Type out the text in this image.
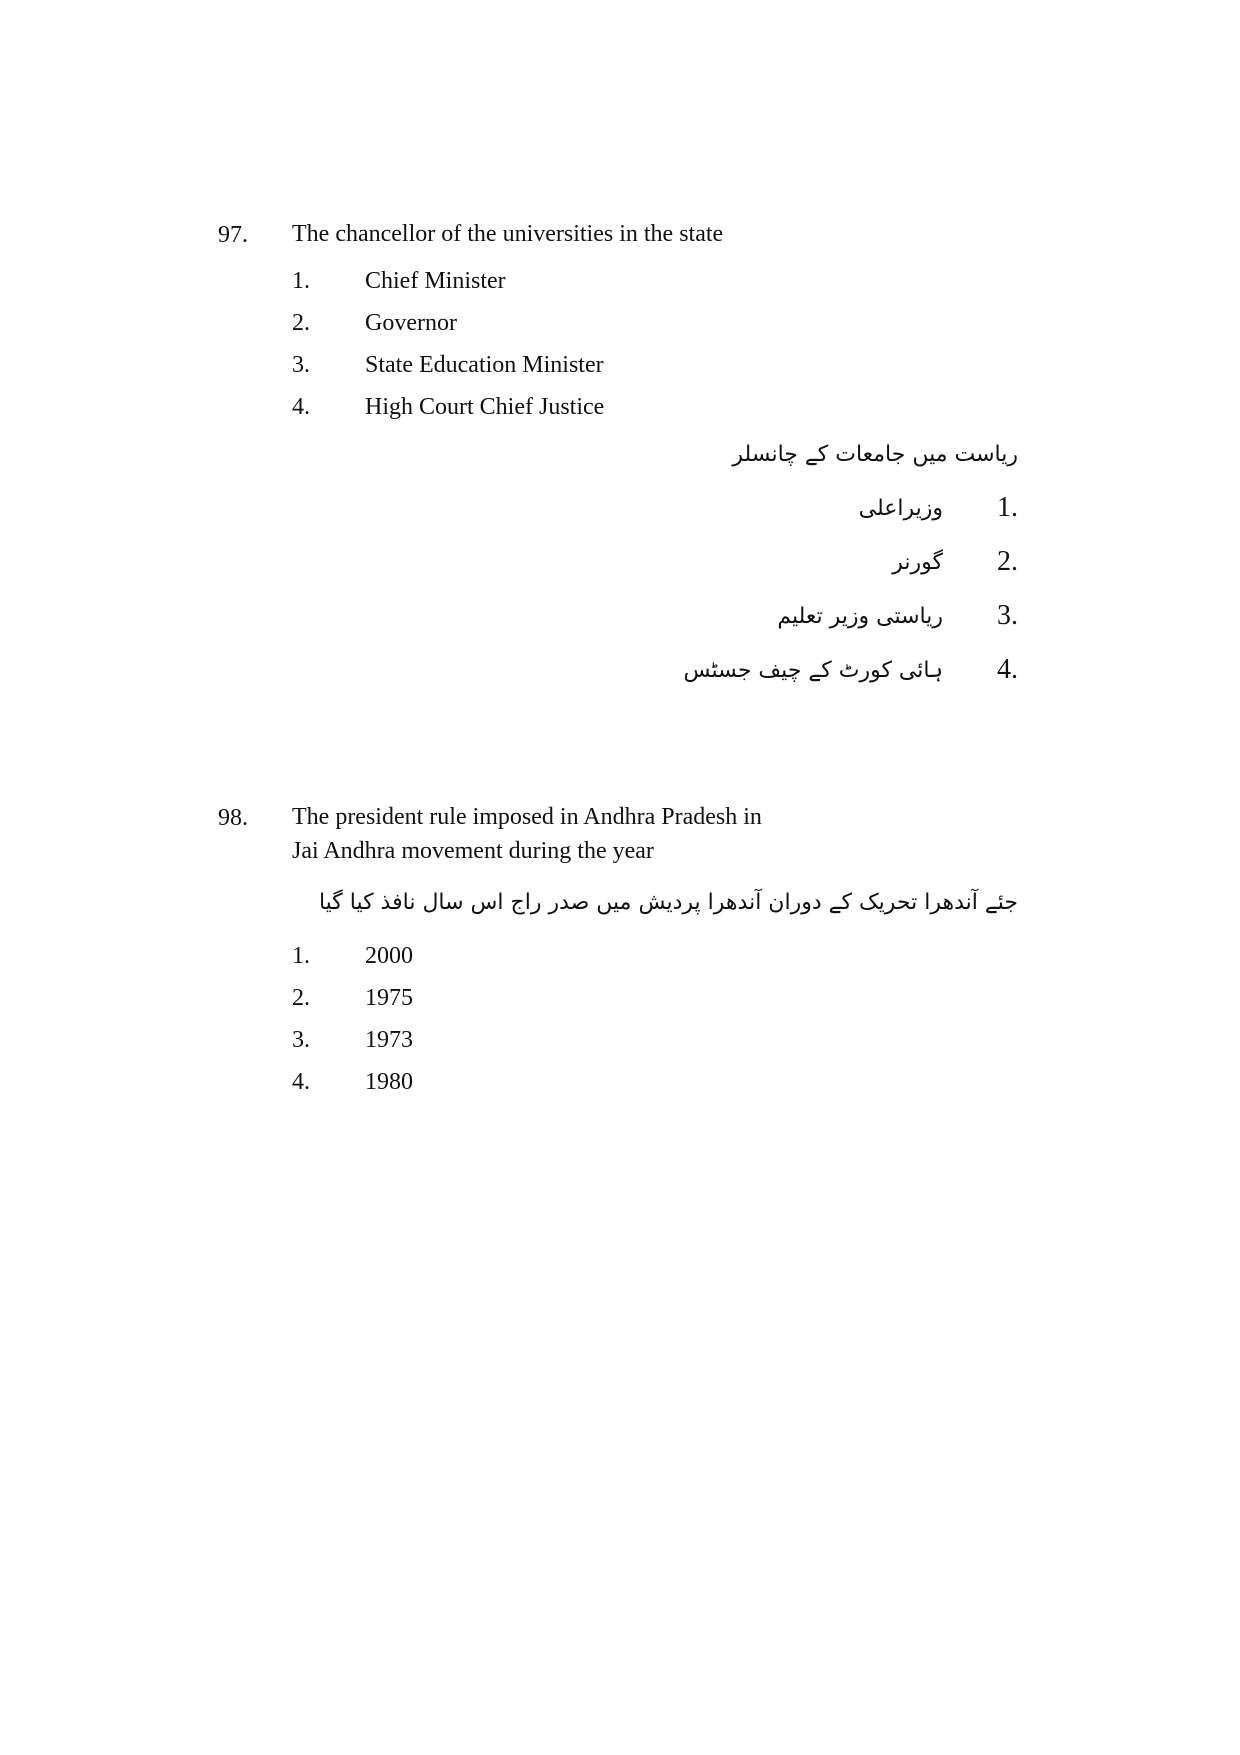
97. The chancellor of the universities in the state
1. Chief Minister
2. Governor
3. State Education Minister
4. High Court Chief Justice
ریاست میں جامعات کے چانسلر
1.
وزیراعلی
2.
گورنر
3.
ریاستی وزیر تعلیم
4.
ہائی کورٹ کے چیف جسٹس
98. The president rule imposed in Andhra Pradesh in
Jai Andhra movement during the year
جئے آندھرا تحریک کے دوران آندھرا پردیش میں صدر راج اس سال نافذ کیا گیا
1. 2000
2. 1975
3. 1973
4. 1980
